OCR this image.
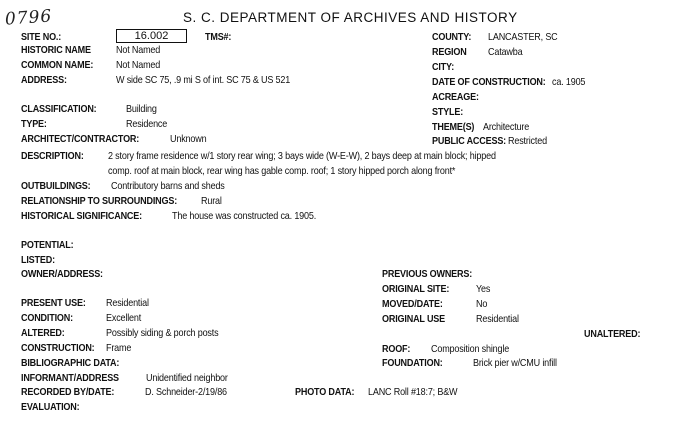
0796	S. C. DEPARTMENT OF ARCHIVES AND HISTORY
SITE NO.:	16.002	TMS#:
HISTORIC NAME Not Named
COMMON NAME: Not Named
ADDRESS:	W side SC 75, .9 mi S of int. SC 75 & US 521
CLASSIFICATION:	Building
TYPE:	Residence
ARCHITECT/CONTRACTOR:	Unknown
COUNTY: LANCASTER, SC
REGION Catawba
CITY:
DATE OF CONSTRUCTION: ca. 1905
ACREAGE:
STYLE:
THEME(S) Architecture
PUBLIC ACCESS: Restricted
DESCRIPTION: 2 story frame residence w/1 story rear wing; 3 bays wide (W-E-W), 2 bays deep at main block; hipped
comp. roof at main block, rear wing has gable comp. roof; 1 story hipped porch along front*
OUTBUILDINGS: Contributory barns and sheds
RELATIONSHIP TO SURROUNDINGS: Rural
HISTORICAL SIGNIFICANCE:	The house was constructed ca. 1905.
POTENTIAL:
LISTED:
OWNER/ADDRESS:
PRESENT USE: Residential
CONDITION:	Excellent
ALTERED:	Possibly siding & porch posts
CONSTRUCTION: Frame
BIBLIOGRAPHIC DATA:
INFORMANT/ADDRESS	Unidentified neighbor
RECORDED BY/DATE:	D. Schneider-2/19/86
EVALUATION:
PREVIOUS OWNERS:
ORIGINAL SITE:	Yes
MOVED/DATE:	No
ORIGINAL USE	Residential
UNALTERED:
ROOF: Composition shingle
FOUNDATION:	Brick pier w/CMU infill
PHOTO DATA: LANC Roll #18:7; B&W
